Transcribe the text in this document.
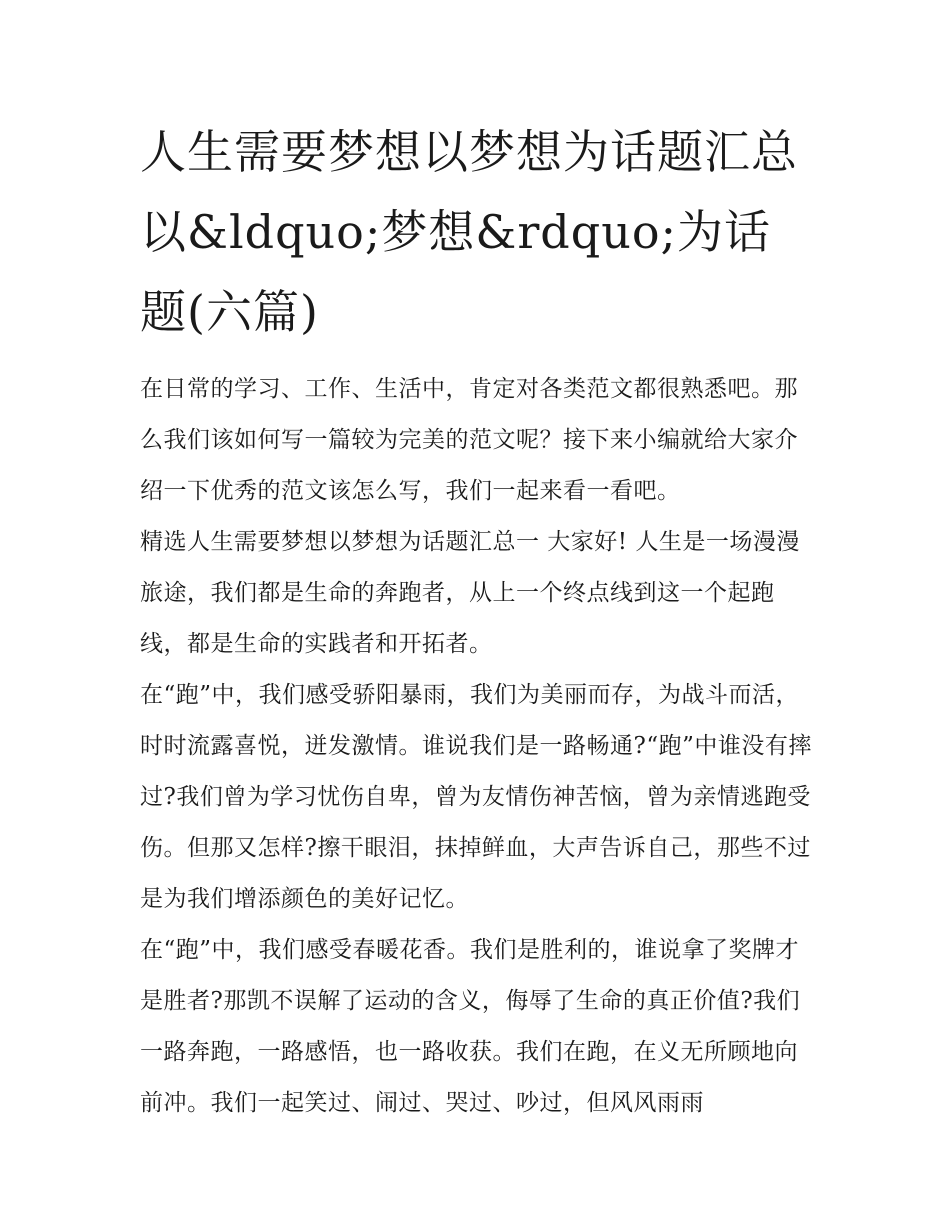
人生需要梦想以梦想为话题汇总 以&ldquo;梦想&rdquo;为话题(六篇)

在日常的学习、工作、生活中，肯定对各类范文都很熟悉吧。那么我们该如何写一篇较为完美的范文呢？接下来小编就给大家介绍一下优秀的范文该怎么写，我们一起来看一看吧。

精选人生需要梦想以梦想为话题汇总一 大家好! 人生是一场漫漫旅途，我们都是生命的奔跑者，从上一个终点线到这一个起跑线，都是生命的实践者和开拓者。

在“跑”中，我们感受骄阳暴雨，我们为美丽而存，为战斗而活，时时流露喜悦，迸发激情。谁说我们是一路畅通?“跑”中谁没有摔过?我们曾为学习忧伤自卑，曾为友情伤神苦恼，曾为亲情逃跑受伤。但那又怎样?擦干眼泪，抹掉鲜血，大声告诉自己，那些不过是为我们增添颜色的美好记忆。

在“跑”中，我们感受春暖花香。我们是胜利的，谁说拿了奖牌才是胜者?那凯不误解了运动的含义，侮辱了生命的真正价值?我们一路奔跑，一路感悟，也一路收获。我们在跑，在义无所顾地向前冲。我们一起笑过、闹过、哭过、吵过，但风风雨雨
